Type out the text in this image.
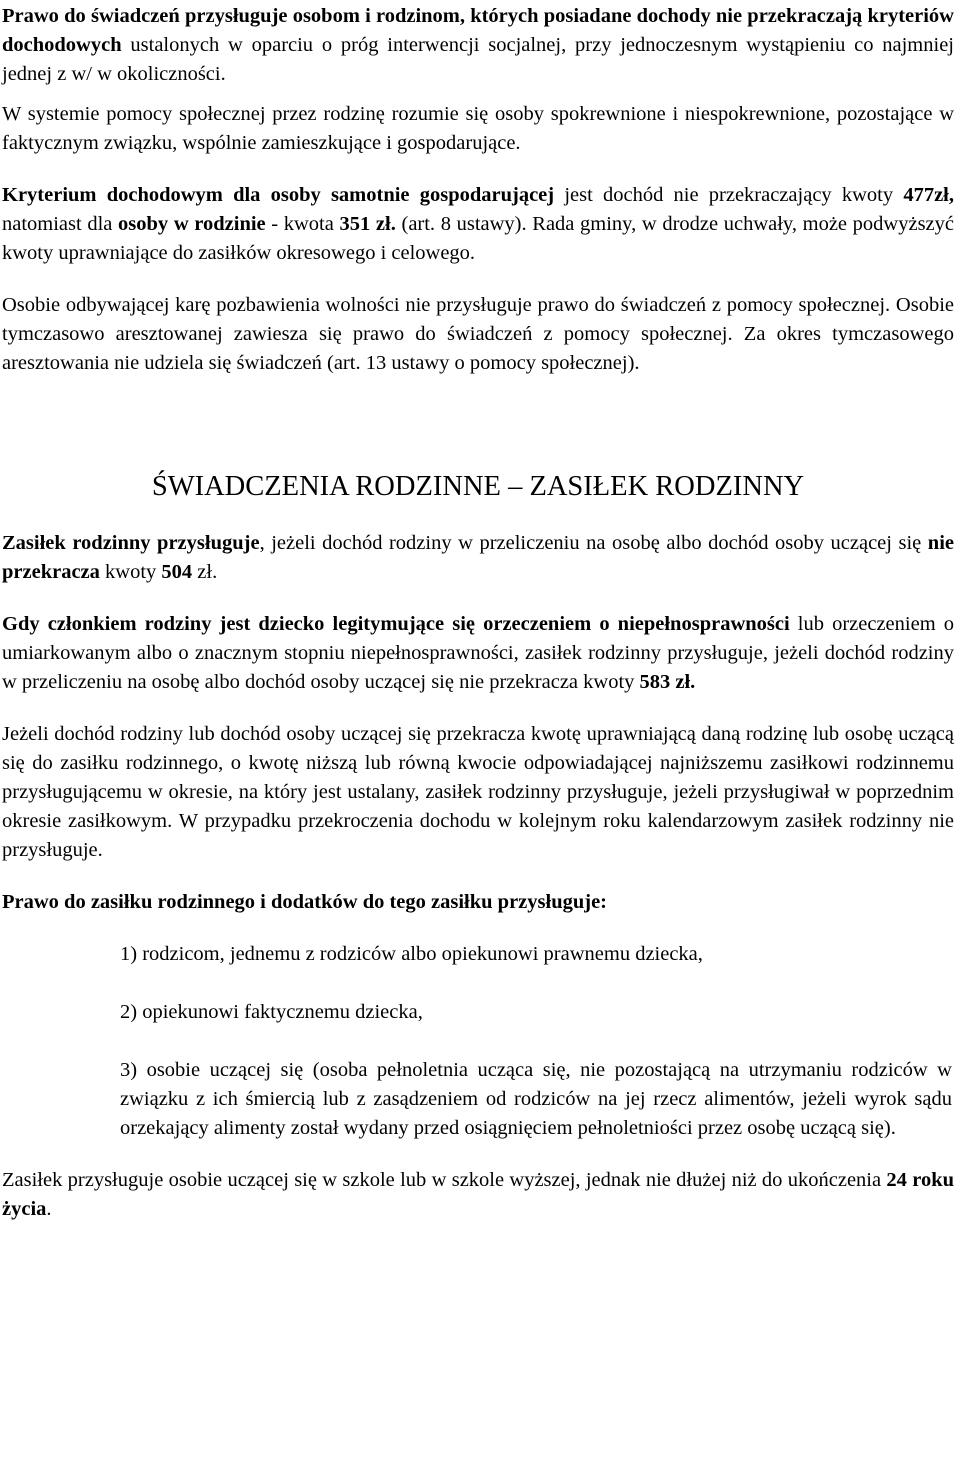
Prawo do świadczeń przysługuje osobom i rodzinom, których posiadane dochody nie przekraczają kryteriów dochodowych ustalonych w oparciu o próg interwencji socjalnej, przy jednoczesnym wystąpieniu co najmniej jednej z w/ w okoliczności.

W systemie pomocy społecznej przez rodzinę rozumie się osoby spokrewnione i niespokrewnione, pozostające w faktycznym związku, wspólnie zamieszkujące i gospodarujące.

Kryterium dochodowym dla osoby samotnie gospodarującej jest dochód nie przekraczający kwoty 477zł, natomiast dla osoby w rodzinie - kwota 351 zł. (art. 8 ustawy). Rada gminy, w drodze uchwały, może podwyższyć kwoty uprawniające do zasiłków okresowego i celowego.

Osobie odbywającej karę pozbawienia wolności nie przysługuje prawo do świadczeń z pomocy społecznej. Osobie tymczasowo aresztowanej zawiesza się prawo do świadczeń z pomocy społecznej. Za okres tymczasowego aresztowania nie udziela się świadczeń (art. 13 ustawy o pomocy społecznej).

ŚWIADCZENIA RODZINNE – ZASIŁEK RODZINNY

Zasiłek rodzinny przysługuje, jeżeli dochód rodziny w przeliczeniu na osobę albo dochód osoby uczącej się nie przekracza kwoty 504 zł.

Gdy członkiem rodziny jest dziecko legitymujące się orzeczeniem o niepełnosprawności lub orzeczeniem o umiarkowanym albo o znacznym stopniu niepełnosprawności, zasiłek rodzinny przysługuje, jeżeli dochód rodziny w przeliczeniu na osobę albo dochód osoby uczącej się nie przekracza kwoty 583 zł.

Jeżeli dochód rodziny lub dochód osoby uczącej się przekracza kwotę uprawniającą daną rodzinę lub osobę uczącą się do zasiłku rodzinnego, o kwotę niższą lub równą kwocie odpowiadającej najniższemu zasiłkowi rodzinnemu przysługującemu w okresie, na który jest ustalany, zasiłek rodzinny przysługuje, jeżeli przysługiwał w poprzednim okresie zasiłkowym. W przypadku przekroczenia dochodu w kolejnym roku kalendarzowym zasiłek rodzinny nie przysługuje.

Prawo do zasiłku rodzinnego i dodatków do tego zasiłku przysługuje:

1) rodzicom, jednemu z rodziców albo opiekunowi prawnemu dziecka,
2) opiekunowi faktycznemu dziecka,
3) osobie uczącej się (osoba pełnoletnia ucząca się, nie pozostającą na utrzymaniu rodziców w związku z ich śmiercią lub z zasądzeniem od rodziców na jej rzecz alimentów, jeżeli wyrok sądu orzekający alimenty został wydany przed osiągnięciem pełnoletniości przez osobę uczącą się).

Zasiłek przysługuje osobie uczącej się w szkole lub w szkole wyższej, jednak nie dłużej niż do ukończenia 24 roku życia.
